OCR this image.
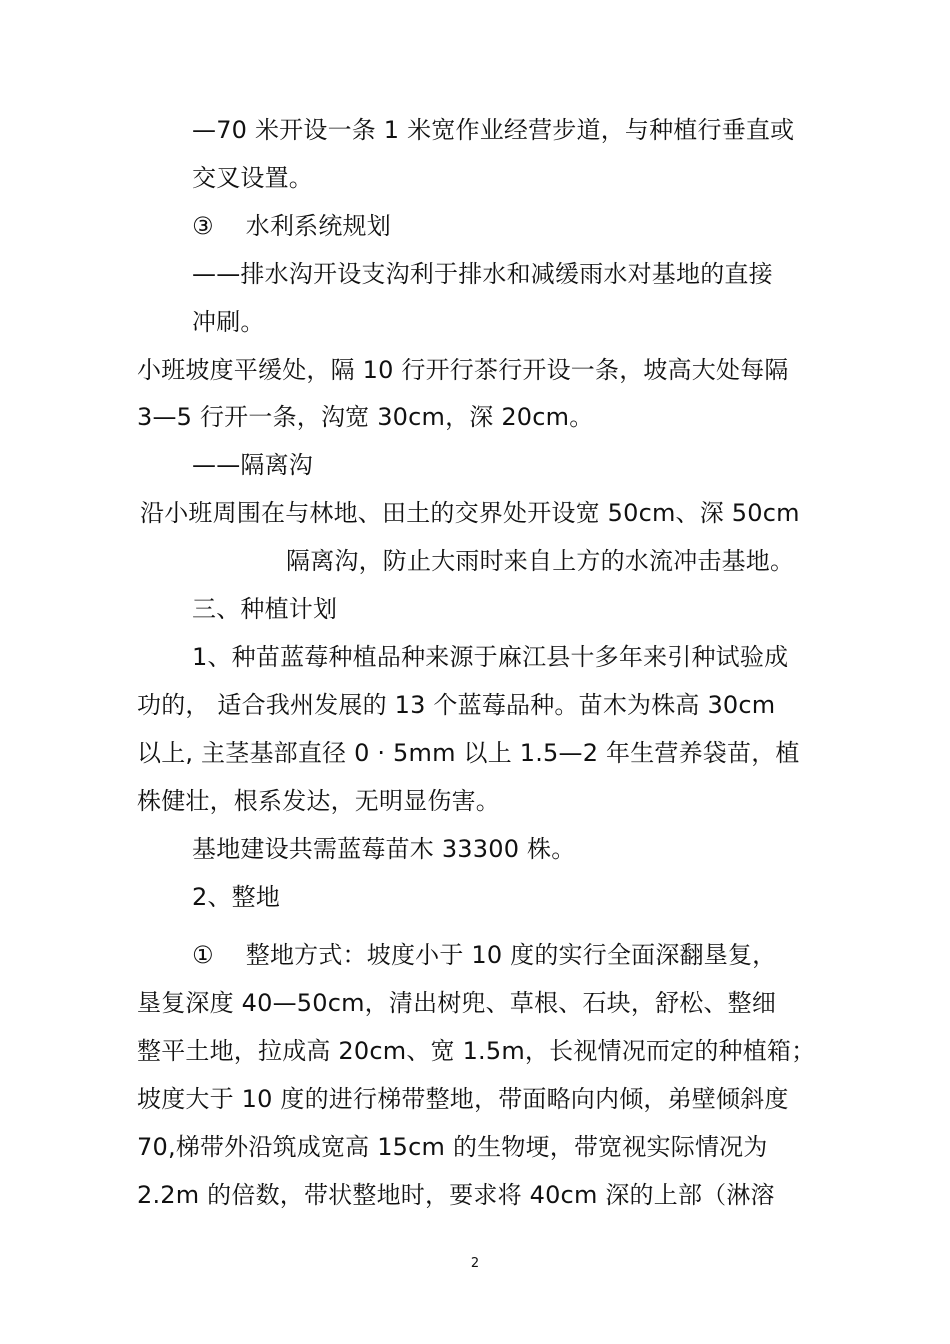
—70 米开设一条 1 米宽作业经营步道，与种植行垂直或
交叉设置。
③　 水利系统规划
——排水沟开设支沟利于排水和减缓雨水对基地的直接
冲刷。
小班坡度平缓处，隔 10 行开行茶行开设一条，坡高大处每隔
3—5 行开一条，沟宽 30cm，深 20cm。
——隔离沟
沿小班周围在与林地、田土的交界处开设宽 50cm、深 50cm
隔离沟，防止大雨时来自上方的水流冲击基地。
三、种植计划
1、种苗蓝莓种植品种来源于麻江县十多年来引种试验成
功的， 适合我州发展的 13 个蓝莓品种。苗木为株高 30cm
以上, 主茎基部直径 0 · 5mm 以上 1.5—2 年生营养袋苗，植
株健壮，根系发达，无明显伤害。
基地建设共需蓝莓苗木 33300 株。
2、整地
①　 整地方式：坡度小于 10 度的实行全面深翻垦复，
垦复深度 40—50cm，清出树兜、草根、石块，舒松、整细
整平土地，拉成高 20cm、宽 1.5m，长视情况而定的种植箱；
坡度大于 10 度的进行梯带整地，带面略向内倾，弟壁倾斜度
70,梯带外沿筑成宽高 15cm 的生物埂，带宽视实际情况为
2.2m 的倍数，带状整地时，要求将 40cm 深的上部（淋溶
2
